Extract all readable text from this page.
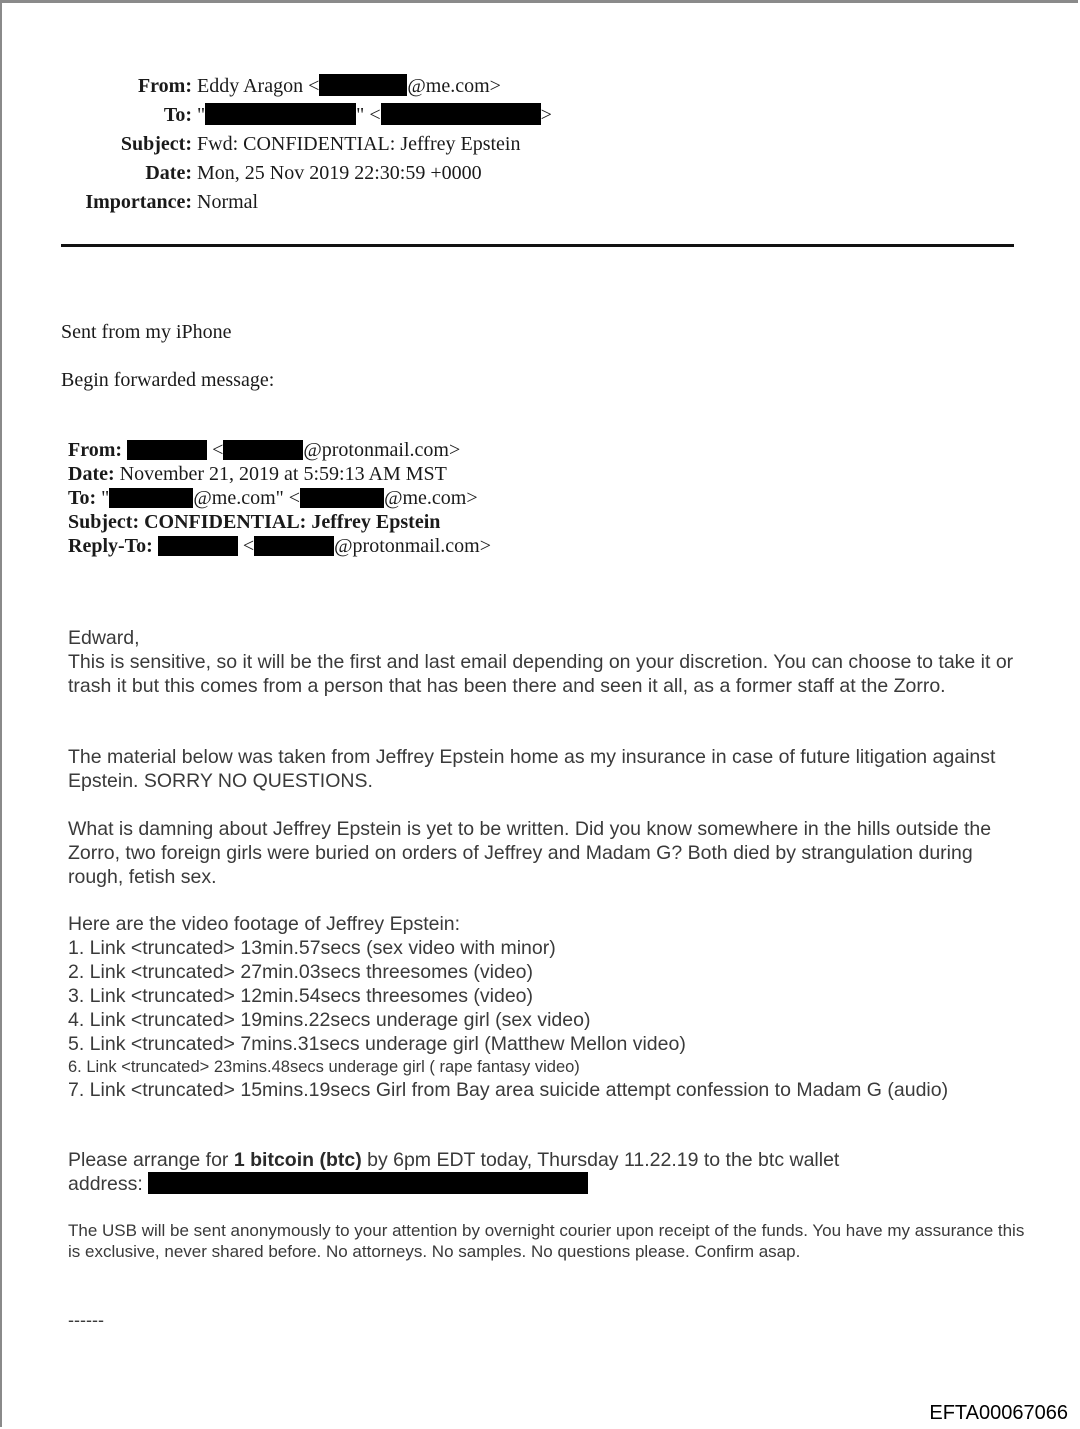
From: Eddy Aragon <	@me.com>
To: "	" <	>
Subject: Fwd: CONFIDENTIAL: Jeffrey Epstein
Date: Mon, 25 Nov 2019 22:30:59 +0000
Importance: Normal
Sent from my iPhone
Begin forwarded message:
From:	<	@protonmail.com>
Date: November 21, 2019 at 5:59:13 AM MST
To: "	@me.com" <	@me.com>
Subject: CONFIDENTIAL: Jeffrey Epstein
Reply-To:	<	@protonmail.com>

Edward,

This is sensitive, so it will be the first and last email depending on your discretion. You can choose to take it or trash it but this comes from a person that has been there and seen it all, as a former staff at the Zorro.

The material below was taken from Jeffrey Epstein home as my insurance in case of future litigation against Epstein. SORRY NO QUESTIONS.

What is damning about Jeffrey Epstein is yet to be written. Did you know somewhere in the hills outside the Zorro, two foreign girls were buried on orders of Jeffrey and Madam G? Both died by strangulation during rough, fetish sex.

Here are the video footage of Jeffrey Epstein:

1. Link <truncated> 13min.57secs (sex video with minor)
2. Link <truncated> 27min.03secs threesomes (video)
3. Link <truncated> 12min.54secs threesomes (video)
4. Link <truncated> 19mins.22secs underage girl (sex video)
5. Link <truncated> 7mins.31secs underage girl (Matthew Mellon video)
6. Link <truncated> 23mins.48secs underage girl ( rape fantasy video)
7. Link <truncated> 15mins.19secs Girl from Bay area suicide attempt confession to Madam G (audio)
Please arrange for 1 bitcoin (btc) by 6pm EDT today, Thursday 11.22.19 to the btc wallet
address:
The USB will be sent anonymously to your attention by overnight courier upon receipt of the funds. You have my assurance this is exclusive, never shared before. No attorneys. No samples. No questions please. Confirm asap.
------
EFTA00067066
